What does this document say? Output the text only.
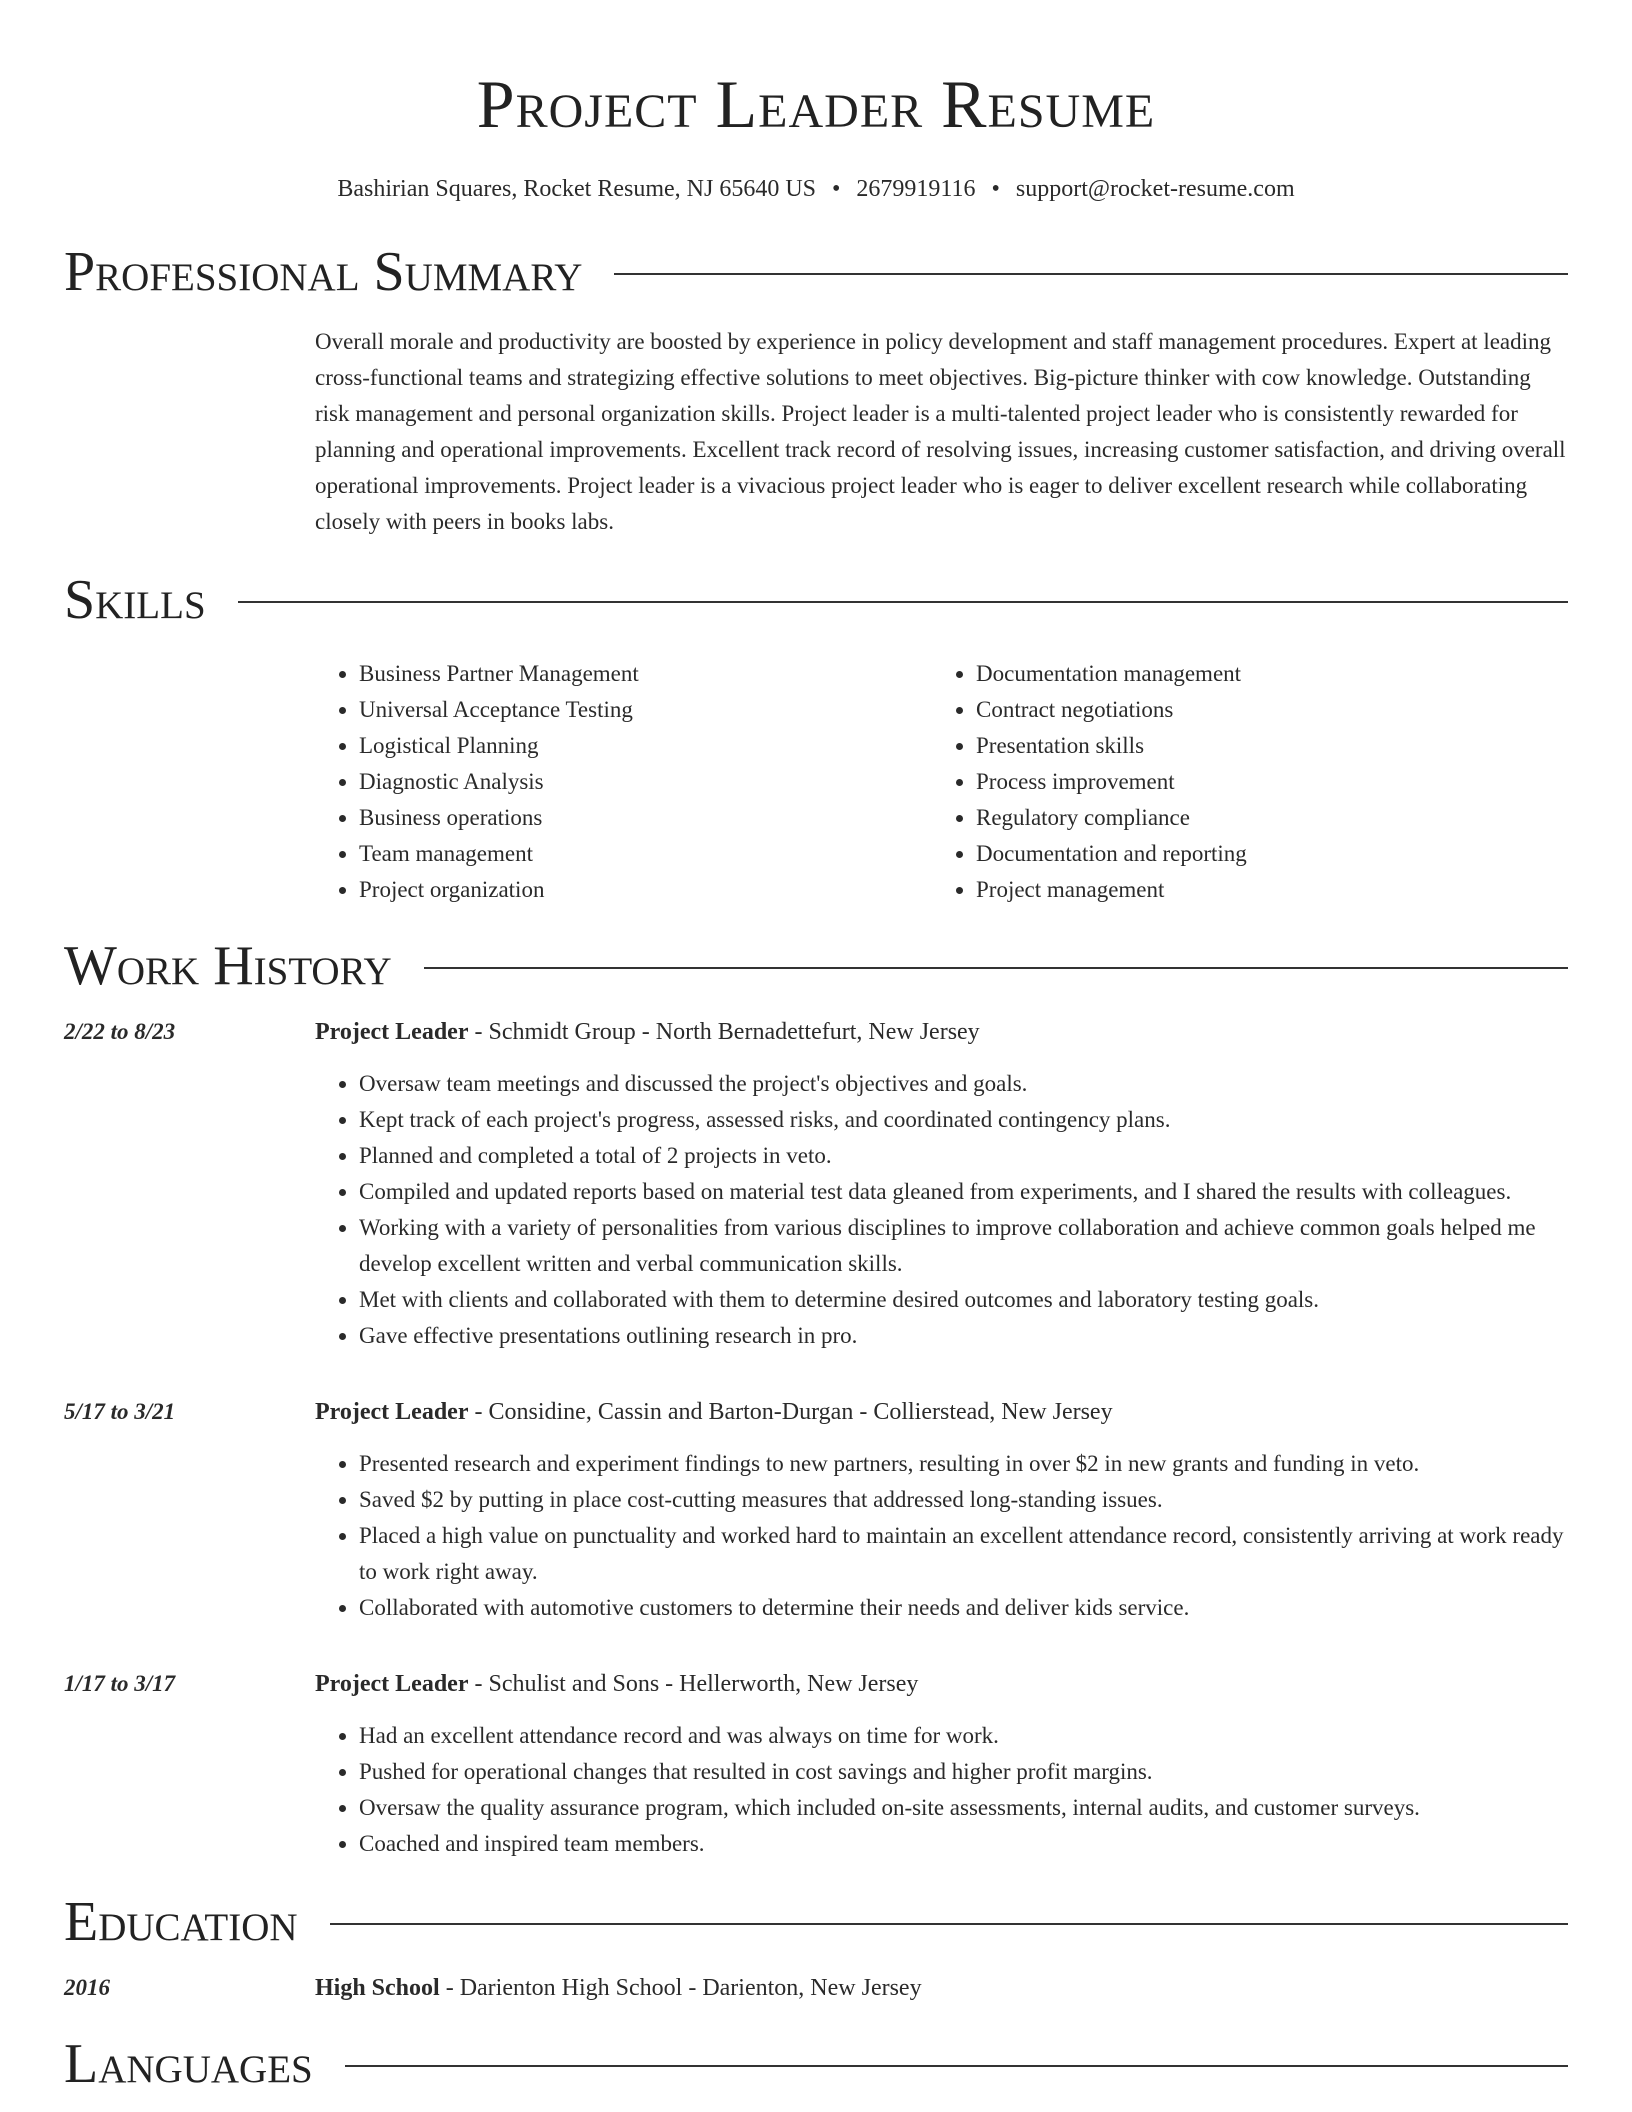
Project Leader Resume
Bashirian Squares, Rocket Resume, NJ 65640 US • 2679919116 • support@rocket-resume.com
Professional Summary
Overall morale and productivity are boosted by experience in policy development and staff management procedures. Expert at leading cross-functional teams and strategizing effective solutions to meet objectives. Big-picture thinker with cow knowledge. Outstanding risk management and personal organization skills. Project leader is a multi-talented project leader who is consistently rewarded for planning and operational improvements. Excellent track record of resolving issues, increasing customer satisfaction, and driving overall operational improvements. Project leader is a vivacious project leader who is eager to deliver excellent research while collaborating closely with peers in books labs.
Skills
• Business Partner Management
• Universal Acceptance Testing
• Logistical Planning
• Diagnostic Analysis
• Business operations
• Team management
• Project organization
• Documentation management
• Contract negotiations
• Presentation skills
• Process improvement
• Regulatory compliance
• Documentation and reporting
• Project management
Work History
2/22 to 8/23	Project Leader - Schmidt Group - North Bernadettefurt, New Jersey
• Oversaw team meetings and discussed the project's objectives and goals.
• Kept track of each project's progress, assessed risks, and coordinated contingency plans.
• Planned and completed a total of 2 projects in veto.
• Compiled and updated reports based on material test data gleaned from experiments, and I shared the results with colleagues.
• Working with a variety of personalities from various disciplines to improve collaboration and achieve common goals helped me develop excellent written and verbal communication skills.
• Met with clients and collaborated with them to determine desired outcomes and laboratory testing goals.
• Gave effective presentations outlining research in pro.
5/17 to 3/21	Project Leader - Considine, Cassin and Barton-Durgan - Collierstead, New Jersey
• Presented research and experiment findings to new partners, resulting in over $2 in new grants and funding in veto.
• Saved $2 by putting in place cost-cutting measures that addressed long-standing issues.
• Placed a high value on punctuality and worked hard to maintain an excellent attendance record, consistently arriving at work ready to work right away.
• Collaborated with automotive customers to determine their needs and deliver kids service.
1/17 to 3/17	Project Leader - Schulist and Sons - Hellerworth, New Jersey
• Had an excellent attendance record and was always on time for work.
• Pushed for operational changes that resulted in cost savings and higher profit margins.
• Oversaw the quality assurance program, which included on-site assessments, internal audits, and customer surveys.
• Coached and inspired team members.
Education
2016	High School - Darienton High School - Darienton, New Jersey
Languages
